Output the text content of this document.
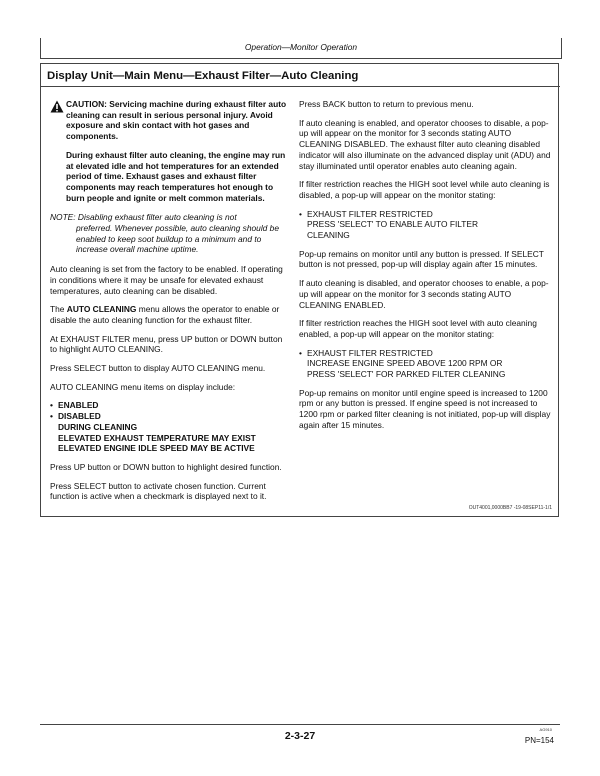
Operation—Monitor Operation
Display Unit—Main Menu—Exhaust Filter—Auto Cleaning

CAUTION: Servicing machine during exhaust filter auto cleaning can result in serious personal injury. Avoid exposure and skin contact with hot gases and components.

During exhaust filter auto cleaning, the engine may run at elevated idle and hot temperatures for an extended period of time. Exhaust gases and exhaust filter components may reach temperatures hot enough to burn people and ignite or melt common materials.

NOTE: Disabling exhaust filter auto cleaning is not
preferred. Whenever possible, auto cleaning should be enabled to keep soot buildup to a minimum and to increase overall machine uptime.

Auto cleaning is set from the factory to be enabled. If operating in conditions where it may be unsafe for elevated exhaust temperatures, auto cleaning can be disabled.

The AUTO CLEANING menu allows the operator to enable or disable the auto cleaning function for the exhaust filter.

At EXHAUST FILTER menu, press UP button or DOWN button to highlight AUTO CLEANING.

Press SELECT button to display AUTO CLEANING menu.

AUTO CLEANING menu items on display include:

• ENABLED
• DISABLED
DURING CLEANING
ELEVATED EXHAUST TEMPERATURE MAY EXIST
ELEVATED ENGINE IDLE SPEED MAY BE ACTIVE

Press UP button or DOWN button to highlight desired function.

Press SELECT button to activate chosen function. Current function is active when a checkmark is displayed next to it.

Press BACK button to return to previous menu.

If auto cleaning is enabled, and operator chooses to disable, a pop-up will appear on the monitor for 3 seconds stating AUTO CLEANING DISABLED. The exhaust filter auto cleaning disabled indicator will also illuminate on the advanced display unit (ADU) and stay illuminated until operator enables auto cleaning again.

If filter restriction reaches the HIGH soot level while auto cleaning is disabled, a pop-up will appear on the monitor stating:

• EXHAUST FILTER RESTRICTED
PRESS 'SELECT' TO ENABLE AUTO FILTER
CLEANING

Pop-up remains on monitor until any button is pressed. If SELECT button is not pressed, pop-up will display again after 15 minutes.

If auto cleaning is disabled, and operator chooses to enable, a pop-up will appear on the monitor for 3 seconds stating AUTO CLEANING ENABLED.

If filter restriction reaches the HIGH soot level with auto cleaning enabled, a pop-up will appear on the monitor stating:

• EXHAUST FILTER RESTRICTED
INCREASE ENGINE SPEED ABOVE 1200 RPM OR
PRESS 'SELECT' FOR PARKED FILTER CLEANING

Pop-up remains on monitor until engine speed is increased to 1200 rpm or any button is pressed. If engine speed is not increased to 1200 rpm or parked filter cleaning is not initiated, pop-up will display again after 15 minutes.

OUT4001,0000BB7 -19-08SEP11-1/1
2-3-27
AG910
PN=154
